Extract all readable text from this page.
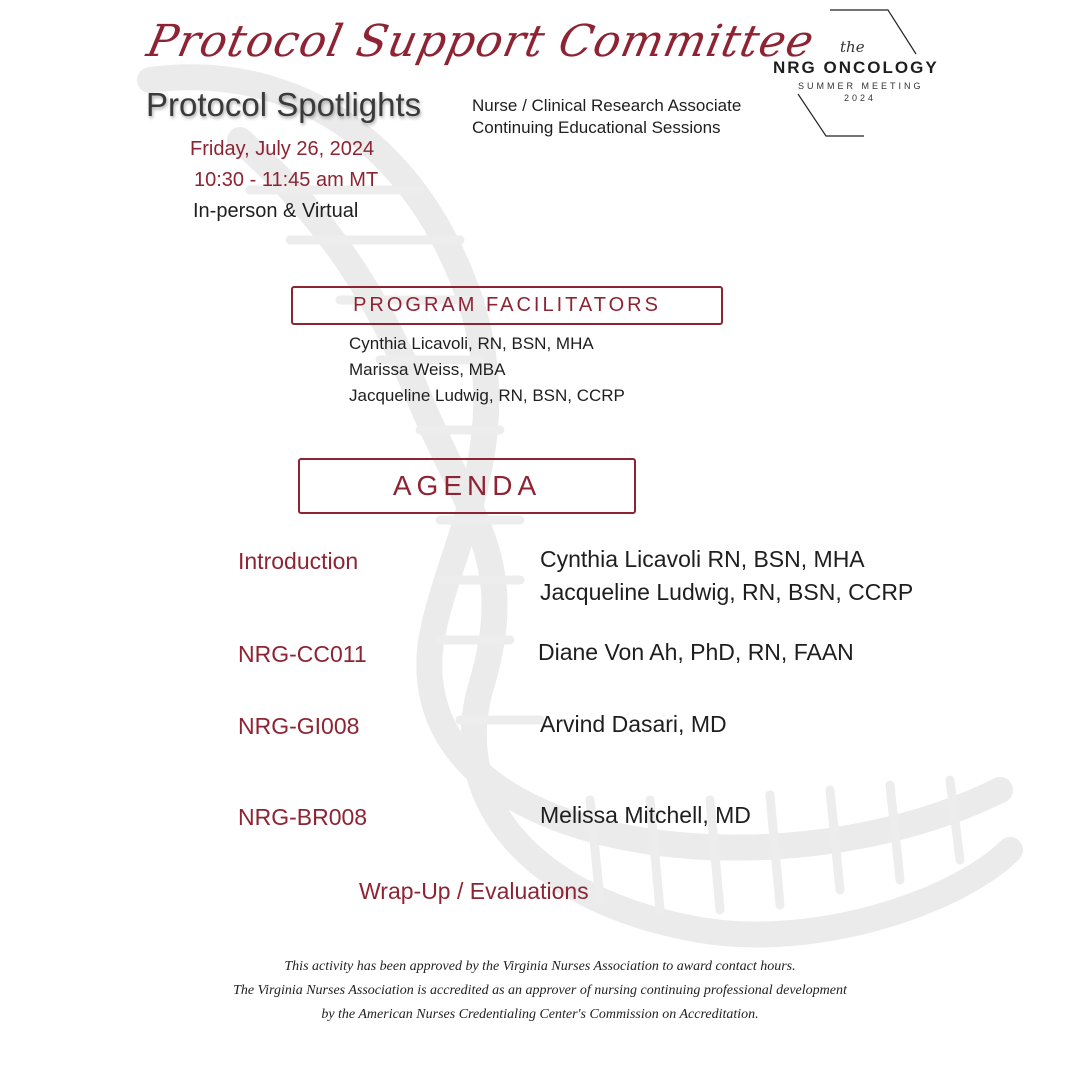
Protocol Support Committee
Protocol Spotlights	Nurse / Clinical Research Associate
Continuing Educational Sessions
Friday, July 26, 2024
10:30 - 11:45 am MT
In-person & Virtual
the
NRG ONCOLOGY
SUMMER MEETING
2024
PROGRAM FACILITATORS
Cynthia Licavoli, RN, BSN, MHA
Marissa Weiss, MBA
Jacqueline Ludwig, RN, BSN, CCRP
AGENDA
Introduction	Cynthia Licavoli RN, BSN, MHA
Jacqueline Ludwig, RN, BSN, CCRP
NRG-CC011	Diane Von Ah, PhD, RN, FAAN
NRG-GI008	Arvind Dasari, MD
NRG-BR008	Melissa Mitchell, MD
Wrap-Up / Evaluations
This activity has been approved by the Virginia Nurses Association to award contact hours.
The Virginia Nurses Association is accredited as an approver of nursing continuing professional development
by the American Nurses Credentialing Center's Commission on Accreditation.
